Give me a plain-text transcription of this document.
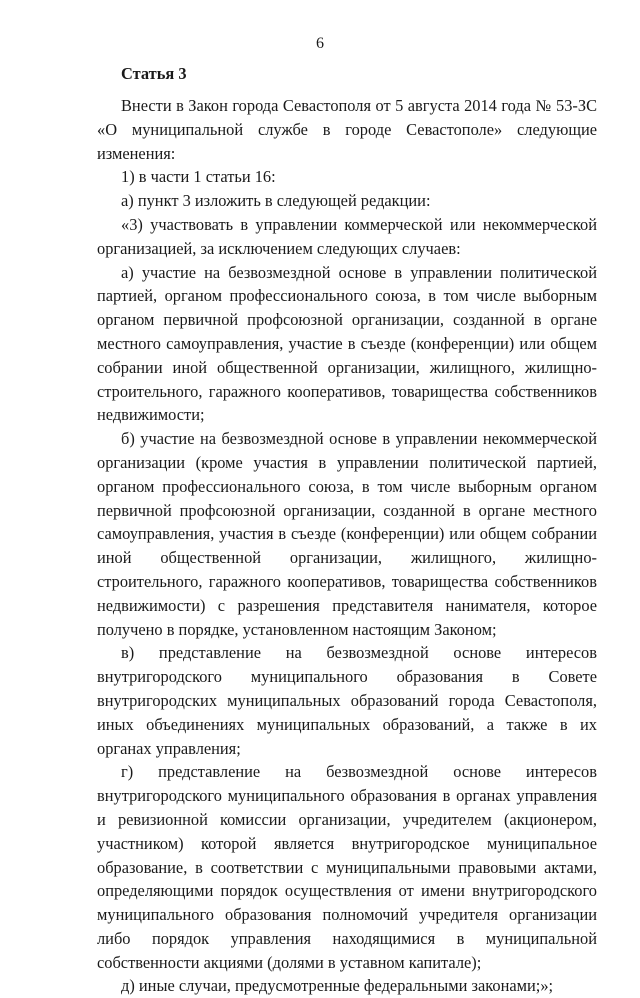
6
Статья 3

Внести в Закон города Севастополя от 5 августа 2014 года № 53-ЗС «О муниципальной службе в городе Севастополе» следующие изменения:

1) в части 1 статьи 16:

а) пункт 3 изложить в следующей редакции:

«3) участвовать в управлении коммерческой или некоммерческой организацией, за исключением следующих случаев:

а) участие на безвозмездной основе в управлении политической партией, органом профессионального союза, в том числе выборным органом первичной профсоюзной организации, созданной в органе местного самоуправления, участие в съезде (конференции) или общем собрании иной общественной организации, жилищного, жилищно-строительного, гаражного кооперативов, товарищества собственников недвижимости;

б) участие на безвозмездной основе в управлении некоммерческой организации (кроме участия в управлении политической партией, органом профессионального союза, в том числе выборным органом первичной профсоюзной организации, созданной в органе местного самоуправления, участия в съезде (конференции) или общем собрании иной общественной организации, жилищного, жилищно-строительного, гаражного кооперативов, товарищества собственников недвижимости) с разрешения представителя нанимателя, которое получено в порядке, установленном настоящим Законом;

в) представление на безвозмездной основе интересов внутригородского муниципального образования в Совете внутригородских муниципальных образований города Севастополя, иных объединениях муниципальных образований, а также в их органах управления;

г) представление на безвозмездной основе интересов внутригородского муниципального образования в органах управления и ревизионной комиссии организации, учредителем (акционером, участником) которой является внутригородское муниципальное образование, в соответствии с муниципальными правовыми актами, определяющими порядок осуществления от имени внутригородского муниципального образования полномочий учредителя организации либо порядок управления находящимися в муниципальной собственности акциями (долями в уставном капитале);

д) иные случаи, предусмотренные федеральными законами;»;
